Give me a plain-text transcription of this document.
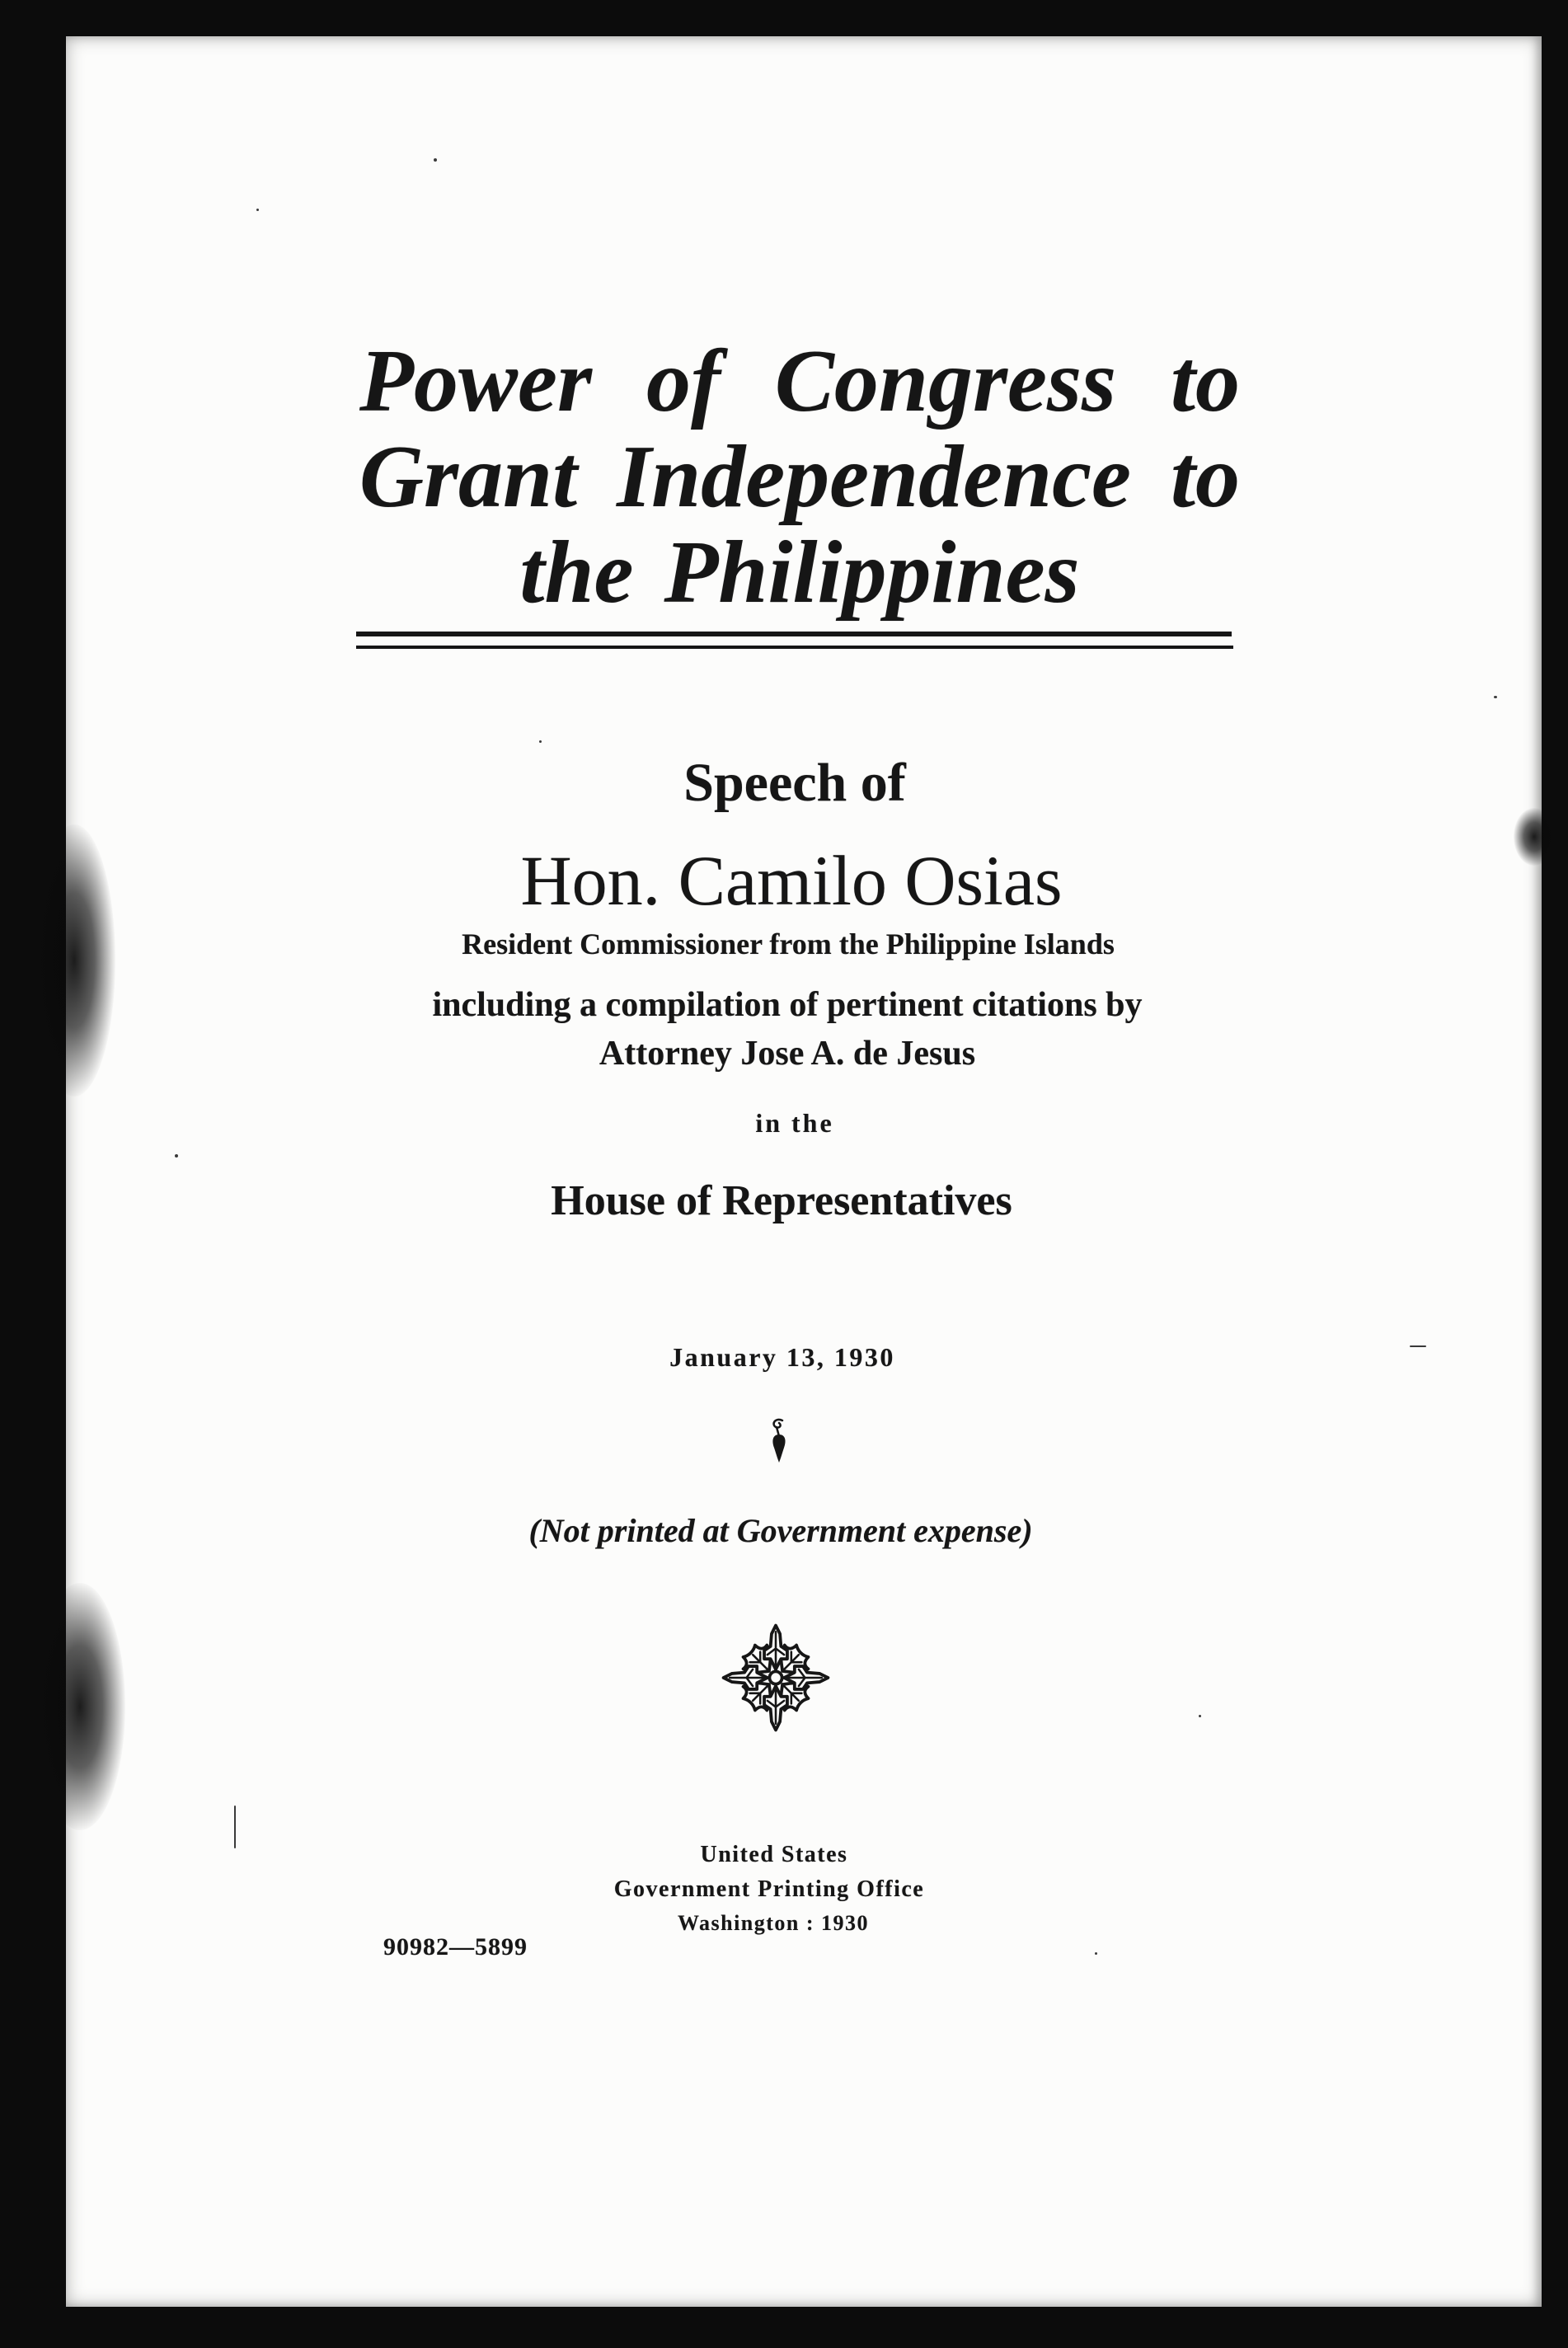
Power of Congress to
Grant Independence to
the Philippines
Speech of
Hon. Camilo Osias
Resident Commissioner from the Philippine Islands
including a compilation of pertinent citations by
Attorney Jose A. de Jesus
in the
House of Representatives
January 13, 1930
(Not printed at Government expense)
United States
Government Printing Office
Washington : 1930
90982—5899
